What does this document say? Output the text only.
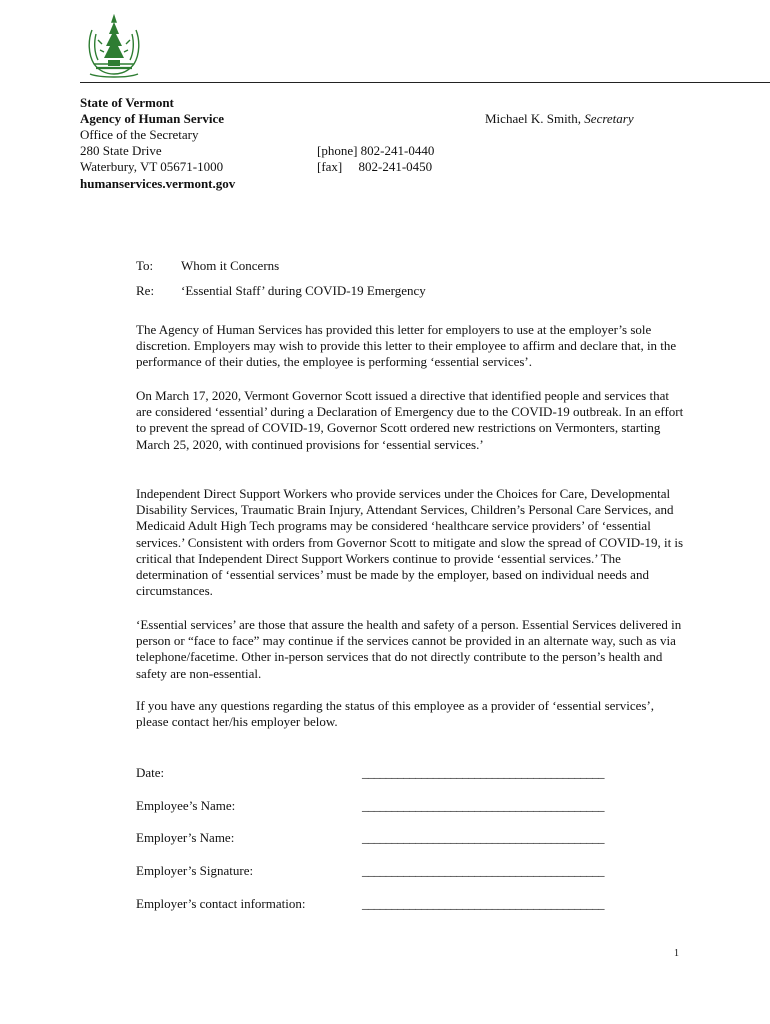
State of Vermont
Agency of Human Service
Office of the Secretary
280 State Drive
Waterbury, VT 05671-1000
humanservices.vermont.gov
[phone] 802-241-0440
[fax]     802-241-0450
Michael K. Smith, Secretary
To: Whom it Concerns
Re: ‘Essential Staff’ during COVID-19 Emergency

The Agency of Human Services has provided this letter for employers to use at the employer’s sole discretion. Employers may wish to provide this letter to their employee to affirm and declare that, in the performance of their duties, the employee is performing ‘essential services’.

On March 17, 2020, Vermont Governor Scott issued a directive that identified people and services that are considered ‘essential’ during a Declaration of Emergency due to the COVID-19 outbreak. In an effort to prevent the spread of COVID-19, Governor Scott ordered new restrictions on Vermonters, starting March 25, 2020, with continued provisions for ‘essential services.’

Independent Direct Support Workers who provide services under the Choices for Care, Developmental Disability Services, Traumatic Brain Injury, Attendant Services, Children’s Personal Care Services, and Medicaid Adult High Tech programs may be considered ‘healthcare service providers’ of ‘essential services.’ Consistent with orders from Governor Scott to mitigate and slow the spread of COVID-19, it is critical that Independent Direct Support Workers continue to provide ‘essential services.’ The determination of ‘essential services’ must be made by the employer, based on individual needs and circumstances.

‘Essential services’ are those that assure the health and safety of a person. Essential Services delivered in person or “face to face” may continue if the services cannot be provided in an alternate way, such as via telephone/facetime. Other in-person services that do not directly contribute to the person’s health and safety are non-essential.

If you have any questions regarding the status of this employee as a provider of ‘essential services’, please contact her/his employer below.

Date:	_________________________________________
Employee’s Name:	_________________________________________
Employer’s Name:	_________________________________________
Employer’s Signature:	_________________________________________
Employer’s contact information:	_________________________________________
1
